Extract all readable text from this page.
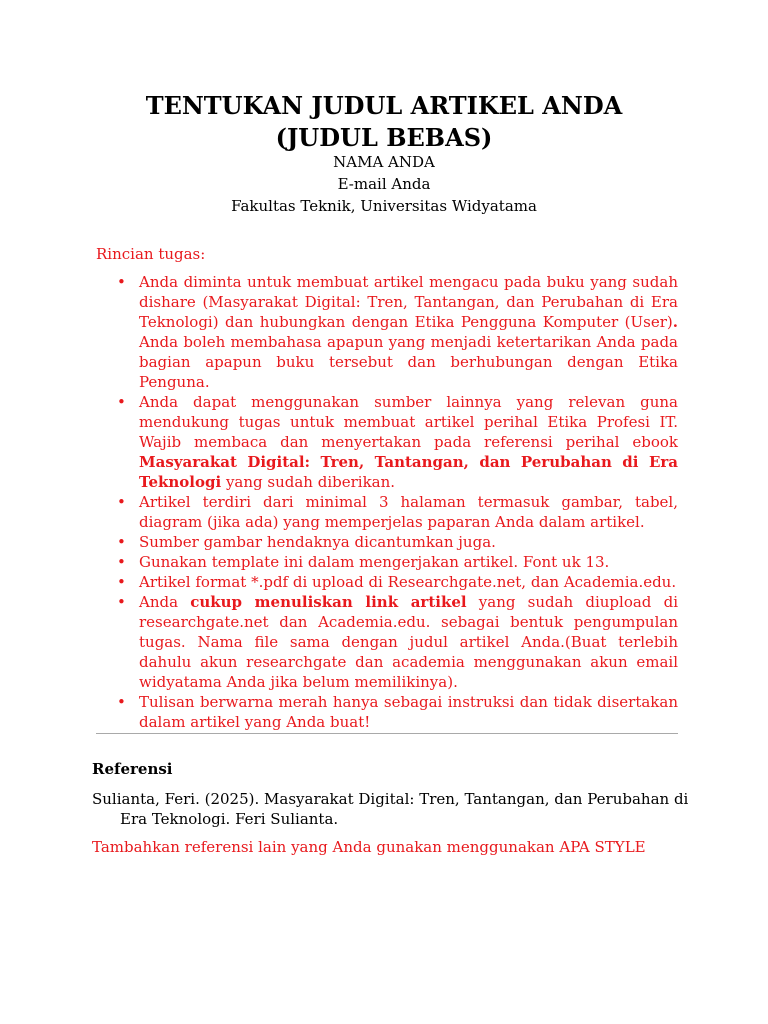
TENTUKAN JUDUL ARTIKEL ANDA (JUDUL BEBAS)
NAMA ANDA
E-mail Anda
Fakultas Teknik, Universitas Widyatama
Rincian tugas:
• Anda diminta untuk membuat artikel mengacu pada buku yang sudah dishare (Masyarakat Digital: Tren, Tantangan, dan Perubahan di Era Teknologi) dan hubungkan dengan Etika Pengguna Komputer (User). Anda boleh membahasa apapun yang menjadi ketertarikan Anda pada bagian apapun buku tersebut dan berhubungan dengan Etika Penguna.
• Anda dapat menggunakan sumber lainnya yang relevan guna mendukung tugas untuk membuat artikel perihal Etika Profesi IT. Wajib membaca dan menyertakan pada referensi perihal ebook Masyarakat Digital: Tren, Tantangan, dan Perubahan di Era Teknologi yang sudah diberikan.
• Artikel terdiri dari minimal 3 halaman termasuk gambar, tabel, diagram (jika ada) yang memperjelas paparan Anda dalam artikel.
• Sumber gambar hendaknya dicantumkan juga.
• Gunakan template ini dalam mengerjakan artikel. Font uk 13.
• Artikel format *.pdf di upload di Researchgate.net, dan Academia.edu.
• Anda cukup menuliskan link artikel yang sudah diupload di researchgate.net dan Academia.edu. sebagai bentuk pengumpulan tugas. Nama file sama dengan judul artikel Anda.(Buat terlebih dahulu akun researchgate dan academia menggunakan akun email widyatama Anda jika belum memilikinya).
• Tulisan berwarna merah hanya sebagai instruksi dan tidak disertakan dalam artikel yang Anda buat!
Referensi
Sulianta, Feri. (2025). Masyarakat Digital: Tren, Tantangan, dan Perubahan di Era Teknologi. Feri Sulianta.
Tambahkan referensi lain yang Anda gunakan menggunakan APA STYLE
